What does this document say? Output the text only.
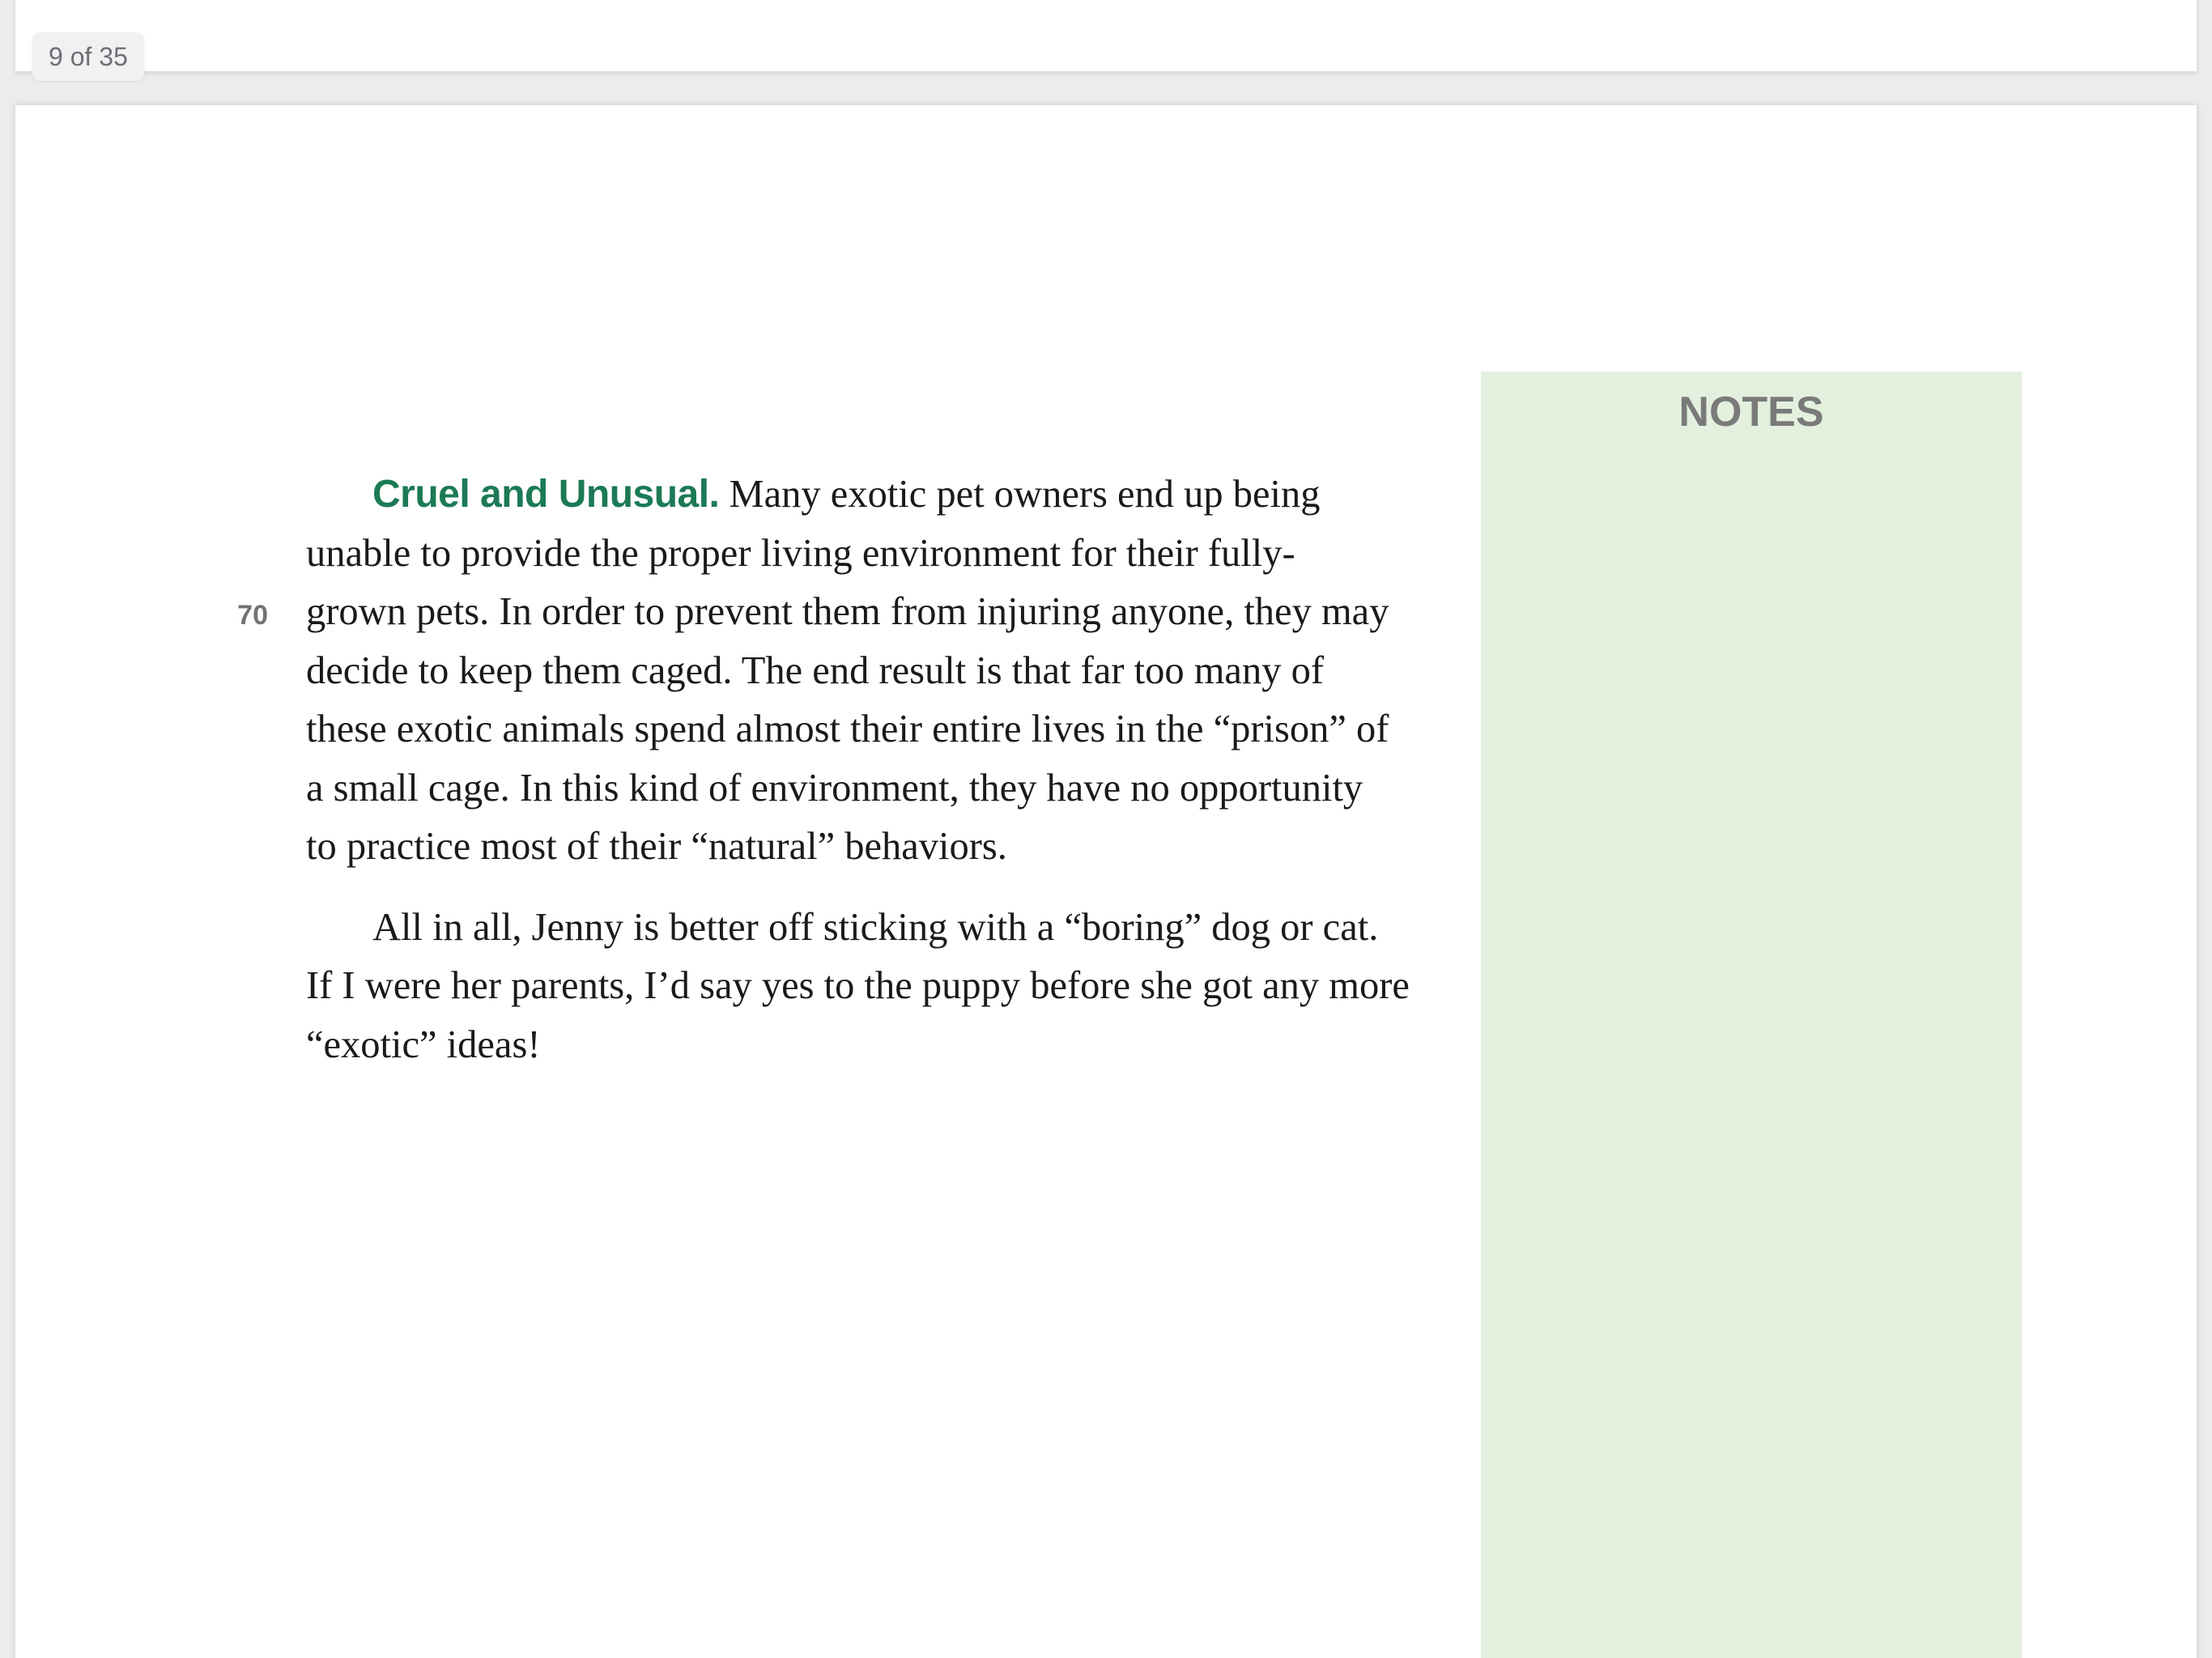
9 of 35
70

Cruel and Unusual. Many exotic pet owners end up being
unable to provide the proper living environment for their fully-
grown pets. In order to prevent them from injuring anyone, they may
decide to keep them caged. The end result is that far too many of
these exotic animals spend almost their entire lives in the “prison” of
a small cage. In this kind of environment, they have no opportunity
to practice most of their “natural” behaviors.

All in all, Jenny is better off sticking with a “boring” dog or cat.
If I were her parents, I’d say yes to the puppy before she got any more
“exotic” ideas!

NOTES
